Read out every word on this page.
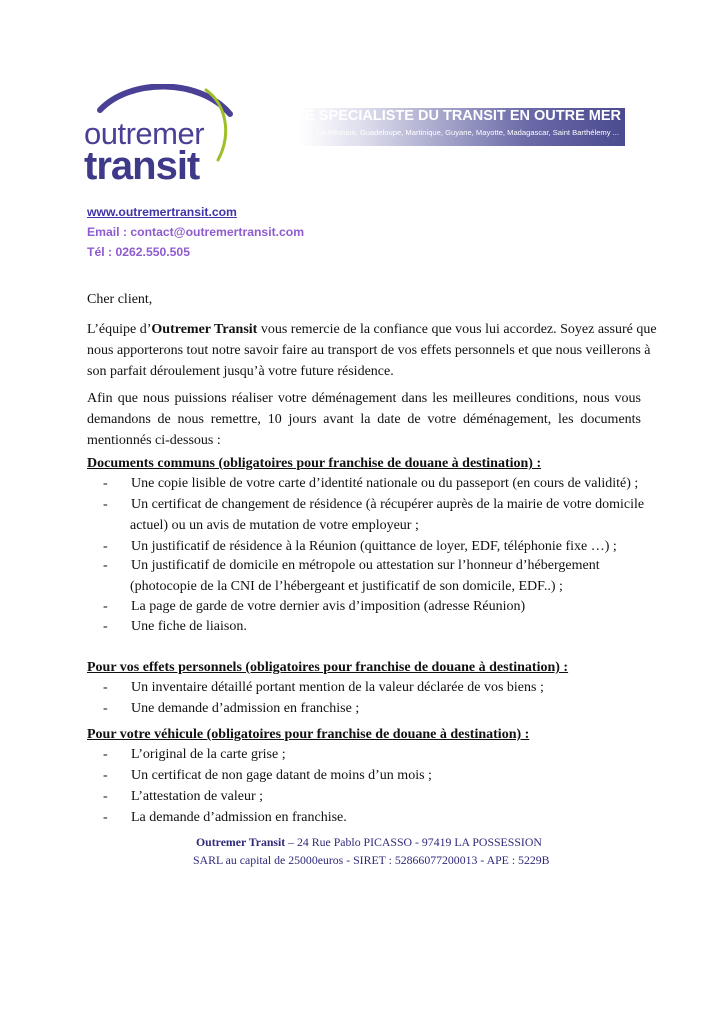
outremer
transit
LE SPECIALISTE DU TRANSIT EN OUTRE MER
La Réunion, Guadeloupe, Martinique, Guyane, Mayotte, Madagascar, Saint Barthélemy ...
www.outremertransit.com
Email : contact@outremertransit.com
Tél : 0262.550.505
Cher client,
L’équipe d’Outremer Transit vous remercie de la confiance que vous lui accordez. Soyez assuré que
nous apporterons tout notre savoir faire au transport de vos effets personnels et que nous veillerons à
son parfait déroulement jusqu’à votre future résidence.
Afin que nous puissions réaliser votre déménagement dans les meilleures conditions, nous vous
demandons de nous remettre, 10 jours avant la date de votre déménagement, les documents
mentionnés ci-dessous :
Documents communs (obligatoires pour franchise de douane à destination) :
- Une copie lisible de votre carte d’identité nationale ou du passeport (en cours de validité) ;
- Un certificat de changement de résidence (à récupérer auprès de la mairie de votre domicile
actuel) ou un avis de mutation de votre employeur ;
- Un justificatif de résidence à la Réunion (quittance de loyer, EDF, téléphonie fixe …) ;
- Un justificatif de domicile en métropole ou attestation sur l’honneur d’hébergement
(photocopie de la CNI de l’hébergeant et justificatif de son domicile, EDF..) ;
- La page de garde de votre dernier avis d’imposition (adresse Réunion)
- Une fiche de liaison.
Pour vos effets personnels (obligatoires pour franchise de douane à destination) :
- Un inventaire détaillé portant mention de la valeur déclarée de vos biens ;
- Une demande d’admission en franchise ;
Pour votre véhicule (obligatoires pour franchise de douane à destination) :
- L’original de la carte grise ;
- Un certificat de non gage datant de moins d’un mois ;
- L’attestation de valeur ;
- La demande d’admission en franchise.
Outremer Transit – 24 Rue Pablo PICASSO - 97419 LA POSSESSION
SARL au capital de 25000euros - SIRET : 52866077200013 - APE : 5229B
